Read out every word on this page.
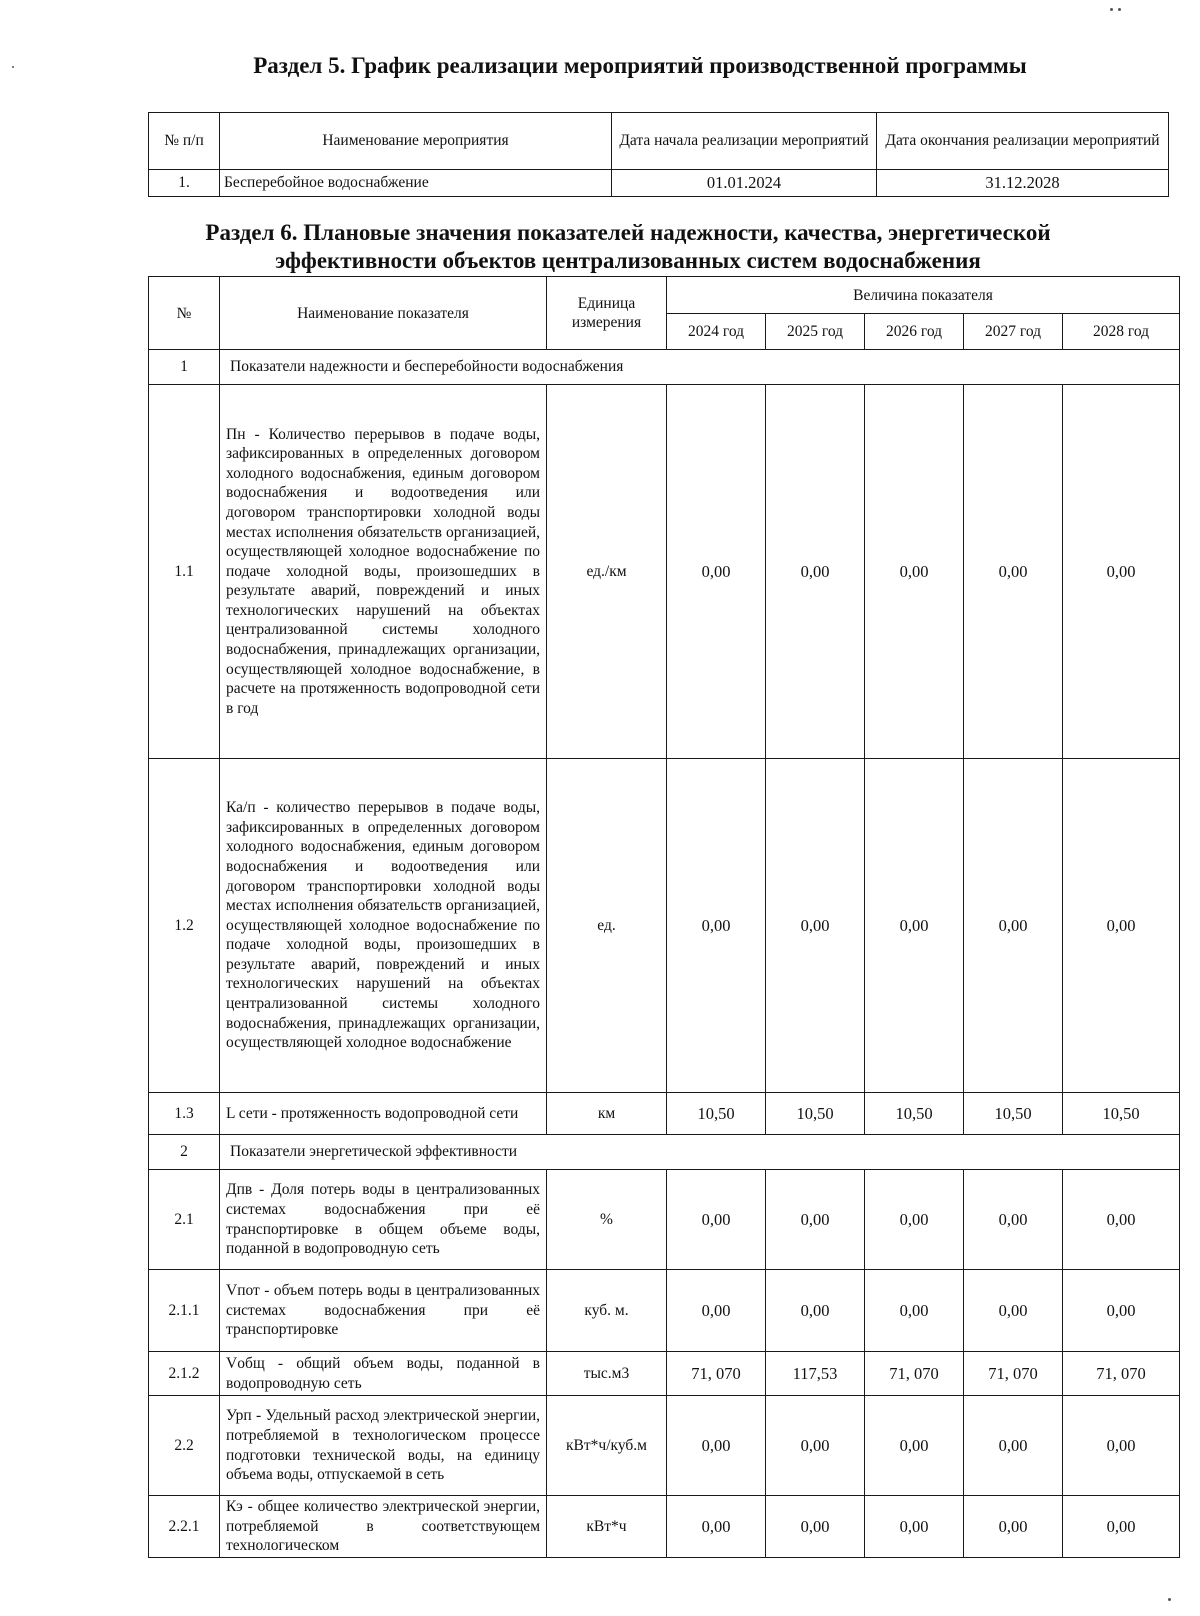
Раздел 5. График реализации мероприятий производственной программы
№ п/п	Наименование мероприятия	Дата начала реализации мероприятий	Дата окончания реализации мероприятий
1.	Бесперебойное водоснабжение	01.01.2024	31.12.2028
Раздел 6. Плановые значения показателей надежности, качества, энергетической
эффективности объектов централизованных систем водоснабжения
№	Наименование показателя	Единица измерения	Величина показателя				
			2024 год	2025 год	2026 год	2027 год	2028 год
1	Показатели надежности и бесперебойности водоснабжения						
1.1	Пн - Количество перерывов в подаче воды, зафиксированных в определенных договором холодного водоснабжения, единым договором водоснабжения и водоотведения или договором транспортировки холодной воды местах исполнения обязательств организацией, осуществляющей холодное водоснабжение по подаче холодной воды, произошедших в результате аварий, повреждений и иных технологических нарушений на объектах централизованной системы холодного водоснабжения, принадлежащих организации, осуществляющей холодное водоснабжение, в расчете на протяженность водопроводной сети в год	ед./км	0,00	0,00	0,00	0,00	0,00
1.2	Ка/п - количество перерывов в подаче воды, зафиксированных в определенных договором холодного водоснабжения, единым договором водоснабжения и водоотведения или договором транспортировки холодной воды местах исполнения обязательств организацией, осуществляющей холодное водоснабжение по подаче холодной воды, произошедших в результате аварий, повреждений и иных технологических нарушений на объектах централизованной системы холодного водоснабжения, принадлежащих организации, осуществляющей холодное водоснабжение	ед.	0,00	0,00	0,00	0,00	0,00
1.3	L сети - протяженность водопроводной сети	км	10,50	10,50	10,50	10,50	10,50
2	Показатели энергетической эффективности						
2.1	Дпв - Доля потерь воды в централизованных системах водоснабжения при её транспортировке в общем объеме воды, поданной в водопроводную сеть	%	0,00	0,00	0,00	0,00	0,00
2.1.1	Vпот - объем потерь воды в централизованных системах водоснабжения при её транспортировке	куб. м.	0,00	0,00	0,00	0,00	0,00
2.1.2	Vобщ - общий объем воды, поданной в водопроводную сеть	тыс.м3	71, 070	117,53	71, 070	71, 070	71, 070
2.2	Урп - Удельный расход электрической энергии, потребляемой в технологическом процессе подготовки технической воды, на единицу объема воды, отпускаемой в сеть	кВт*ч/куб.м	0,00	0,00	0,00	0,00	0,00
2.2.1	Кэ - общее количество электрической энергии, потребляемой в соответствующем технологическом	кВт*ч	0,00	0,00	0,00	0,00	0,00
